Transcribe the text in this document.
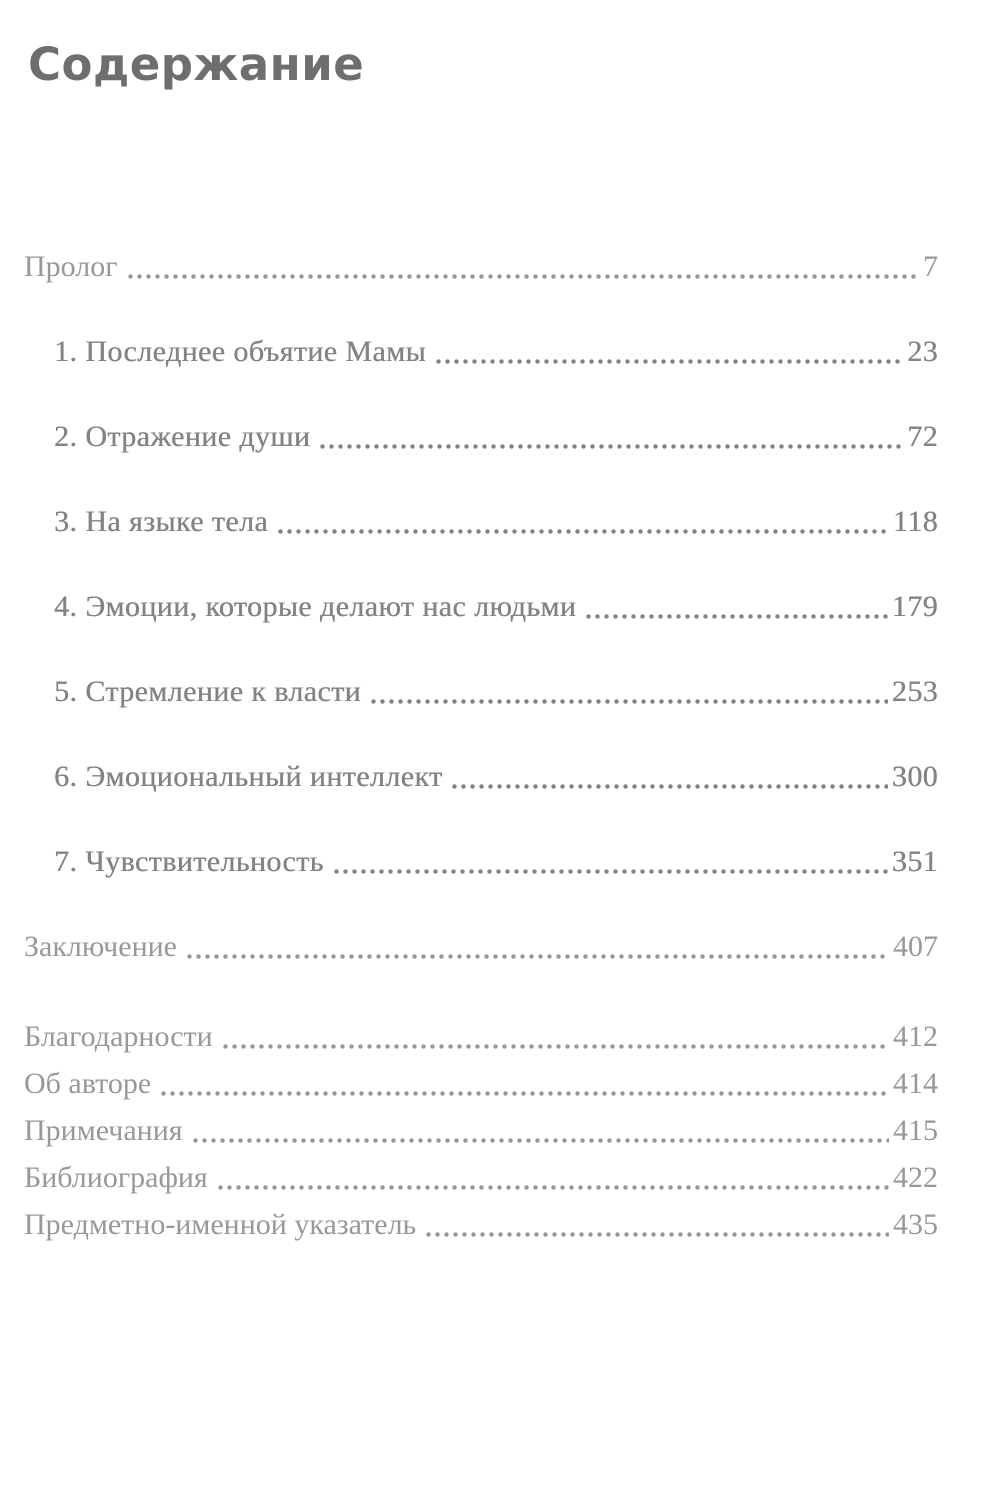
Содержание
Пролог	7
1. Последнее объятие Мамы	23
2. Отражение души	72
3. На языке тела	118
4. Эмоции, которые делают нас людьми	179
5. Стремление к власти	253
6. Эмоциональный интеллект	300
7. Чувствительность	351
Заключение	407
Благодарности	412
Об авторе	414
Примечания	415
Библиография	422
Предметно-именной указатель	435
